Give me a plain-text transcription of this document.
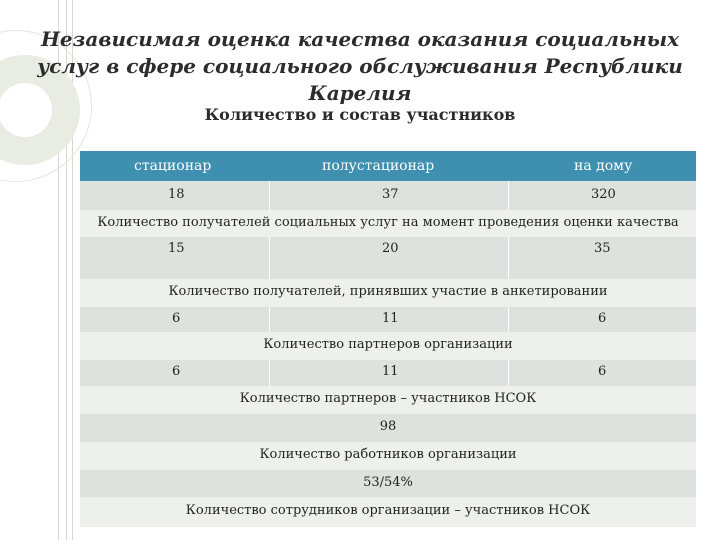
Независимая оценка качества оказания социальных услуг в сфере социального обслуживания Республики Карелия
Количество и состав участников
стационар	полустационар	на дому
18	37	320
Количество получателей социальных услуг на момент проведения оценки качества
15	20	35
Количество получателей, принявших участие в анкетировании
6	11	6
Количество партнеров организации
6	11	6
Количество партнеров – участников НСОК
98
Количество работников организации
53/54%
Количество сотрудников организации – участников НСОК
